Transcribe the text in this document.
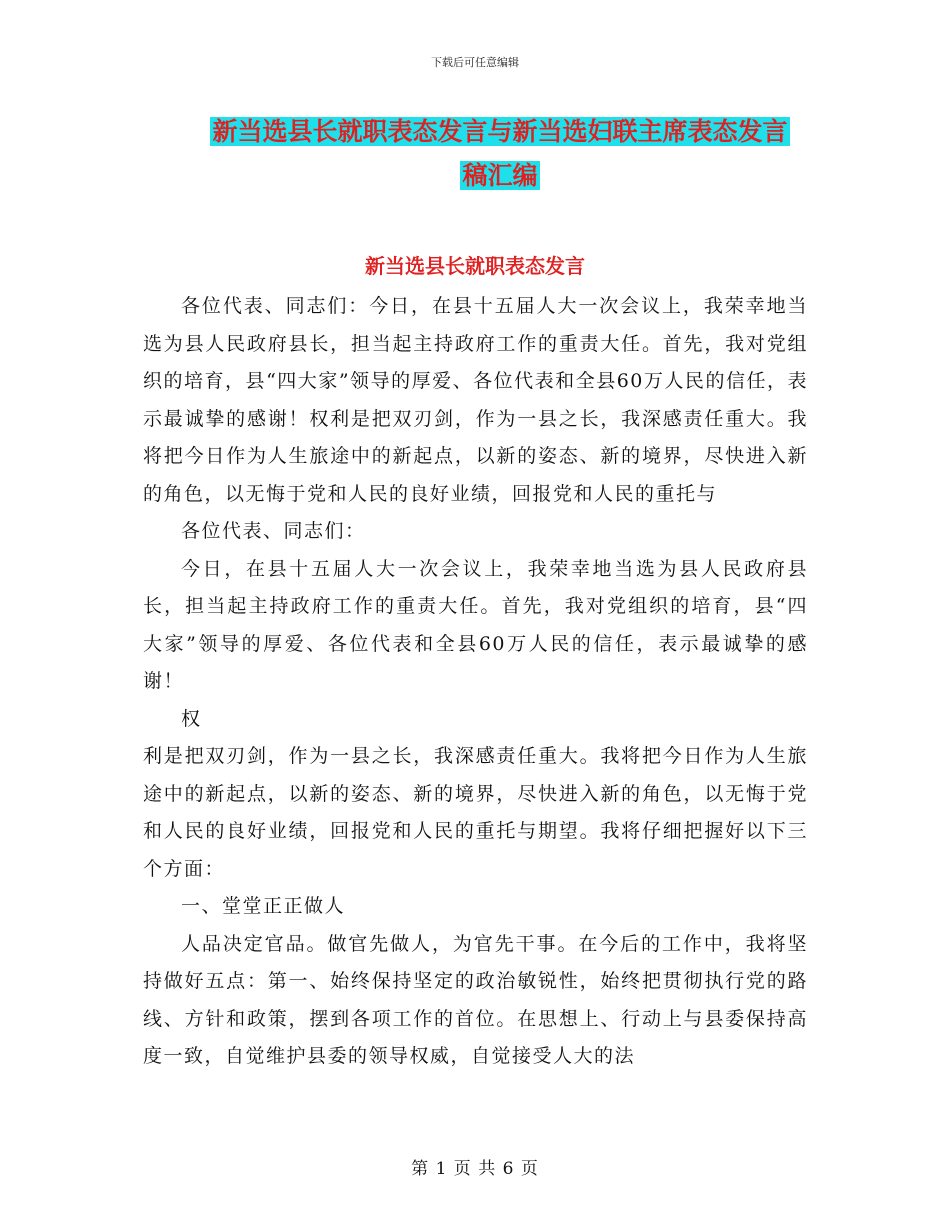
下载后可任意编辑
新当选县长就职表态发言与新当选妇联主席表态发言
稿汇编
新当选县长就职表态发言

各位代表、同志们：今日，在县十五届人大一次会议上，我荣幸地当选为县人民政府县长，担当起主持政府工作的重责大任。首先，我对党组织的培育，县“四大家”领导的厚爱、各位代表和全县60万人民的信任，表示最诚挚的感谢！权利是把双刃剑，作为一县之长，我深感责任重大。我将把今日作为人生旅途中的新起点，以新的姿态、新的境界，尽快进入新的角色，以无悔于党和人民的良好业绩，回报党和人民的重托与

各位代表、同志们：

今日，在县十五届人大一次会议上，我荣幸地当选为县人民政府县长，担当起主持政府工作的重责大任。首先，我对党组织的培育，县“四大家”领导的厚爱、各位代表和全县60万人民的信任，表示最诚挚的感谢！

权

利是把双刃剑，作为一县之长，我深感责任重大。我将把今日作为人生旅途中的新起点，以新的姿态、新的境界，尽快进入新的角色，以无悔于党和人民的良好业绩，回报党和人民的重托与期望。我将仔细把握好以下三个方面：

一、堂堂正正做人

人品决定官品。做官先做人，为官先干事。在今后的工作中，我将坚持做好五点：第一、始终保持坚定的政治敏锐性，始终把贯彻执行党的路线、方针和政策，摆到各项工作的首位。在思想上、行动上与县委保持高度一致，自觉维护县委的领导权威，自觉接受人大的法

第 1 页 共 6 页
